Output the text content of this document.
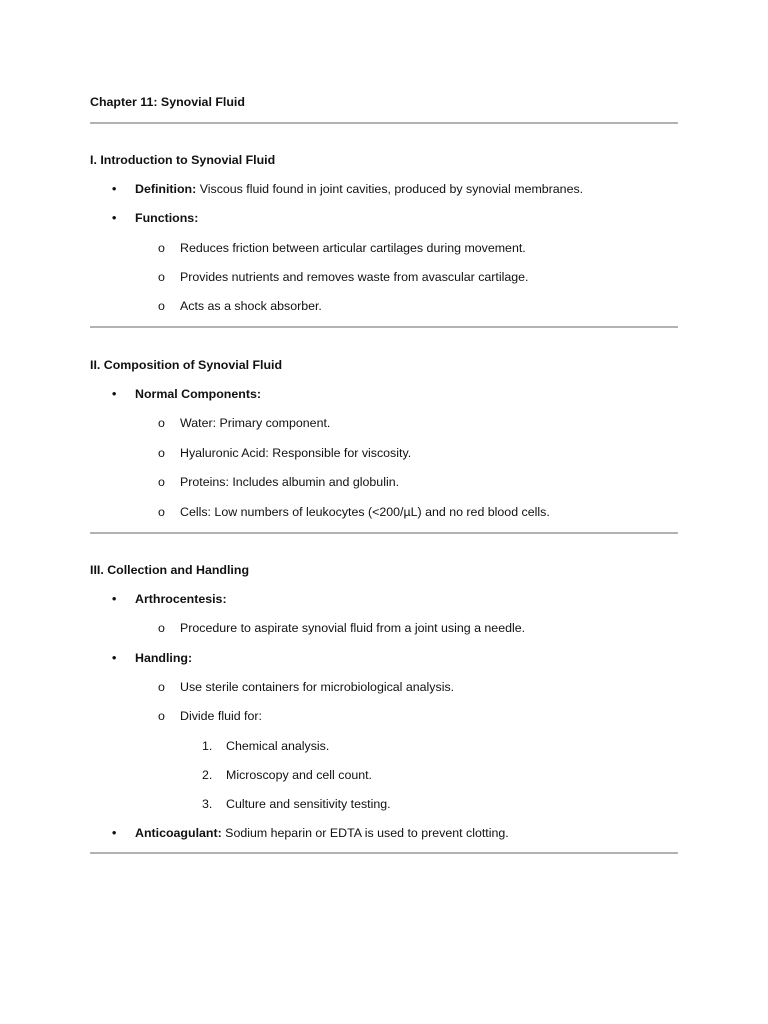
Chapter 11: Synovial Fluid
I. Introduction to Synovial Fluid
• Definition: Viscous fluid found in joint cavities, produced by synovial membranes.
• Functions:
o Reduces friction between articular cartilages during movement.
o Provides nutrients and removes waste from avascular cartilage.
o Acts as a shock absorber.
II. Composition of Synovial Fluid
• Normal Components:
o Water: Primary component.
o Hyaluronic Acid: Responsible for viscosity.
o Proteins: Includes albumin and globulin.
o Cells: Low numbers of leukocytes (<200/µL) and no red blood cells.
III. Collection and Handling
• Arthrocentesis:
o Procedure to aspirate synovial fluid from a joint using a needle.
• Handling:
o Use sterile containers for microbiological analysis.
o Divide fluid for:
1. Chemical analysis.
2. Microscopy and cell count.
3. Culture and sensitivity testing.
• Anticoagulant: Sodium heparin or EDTA is used to prevent clotting.
